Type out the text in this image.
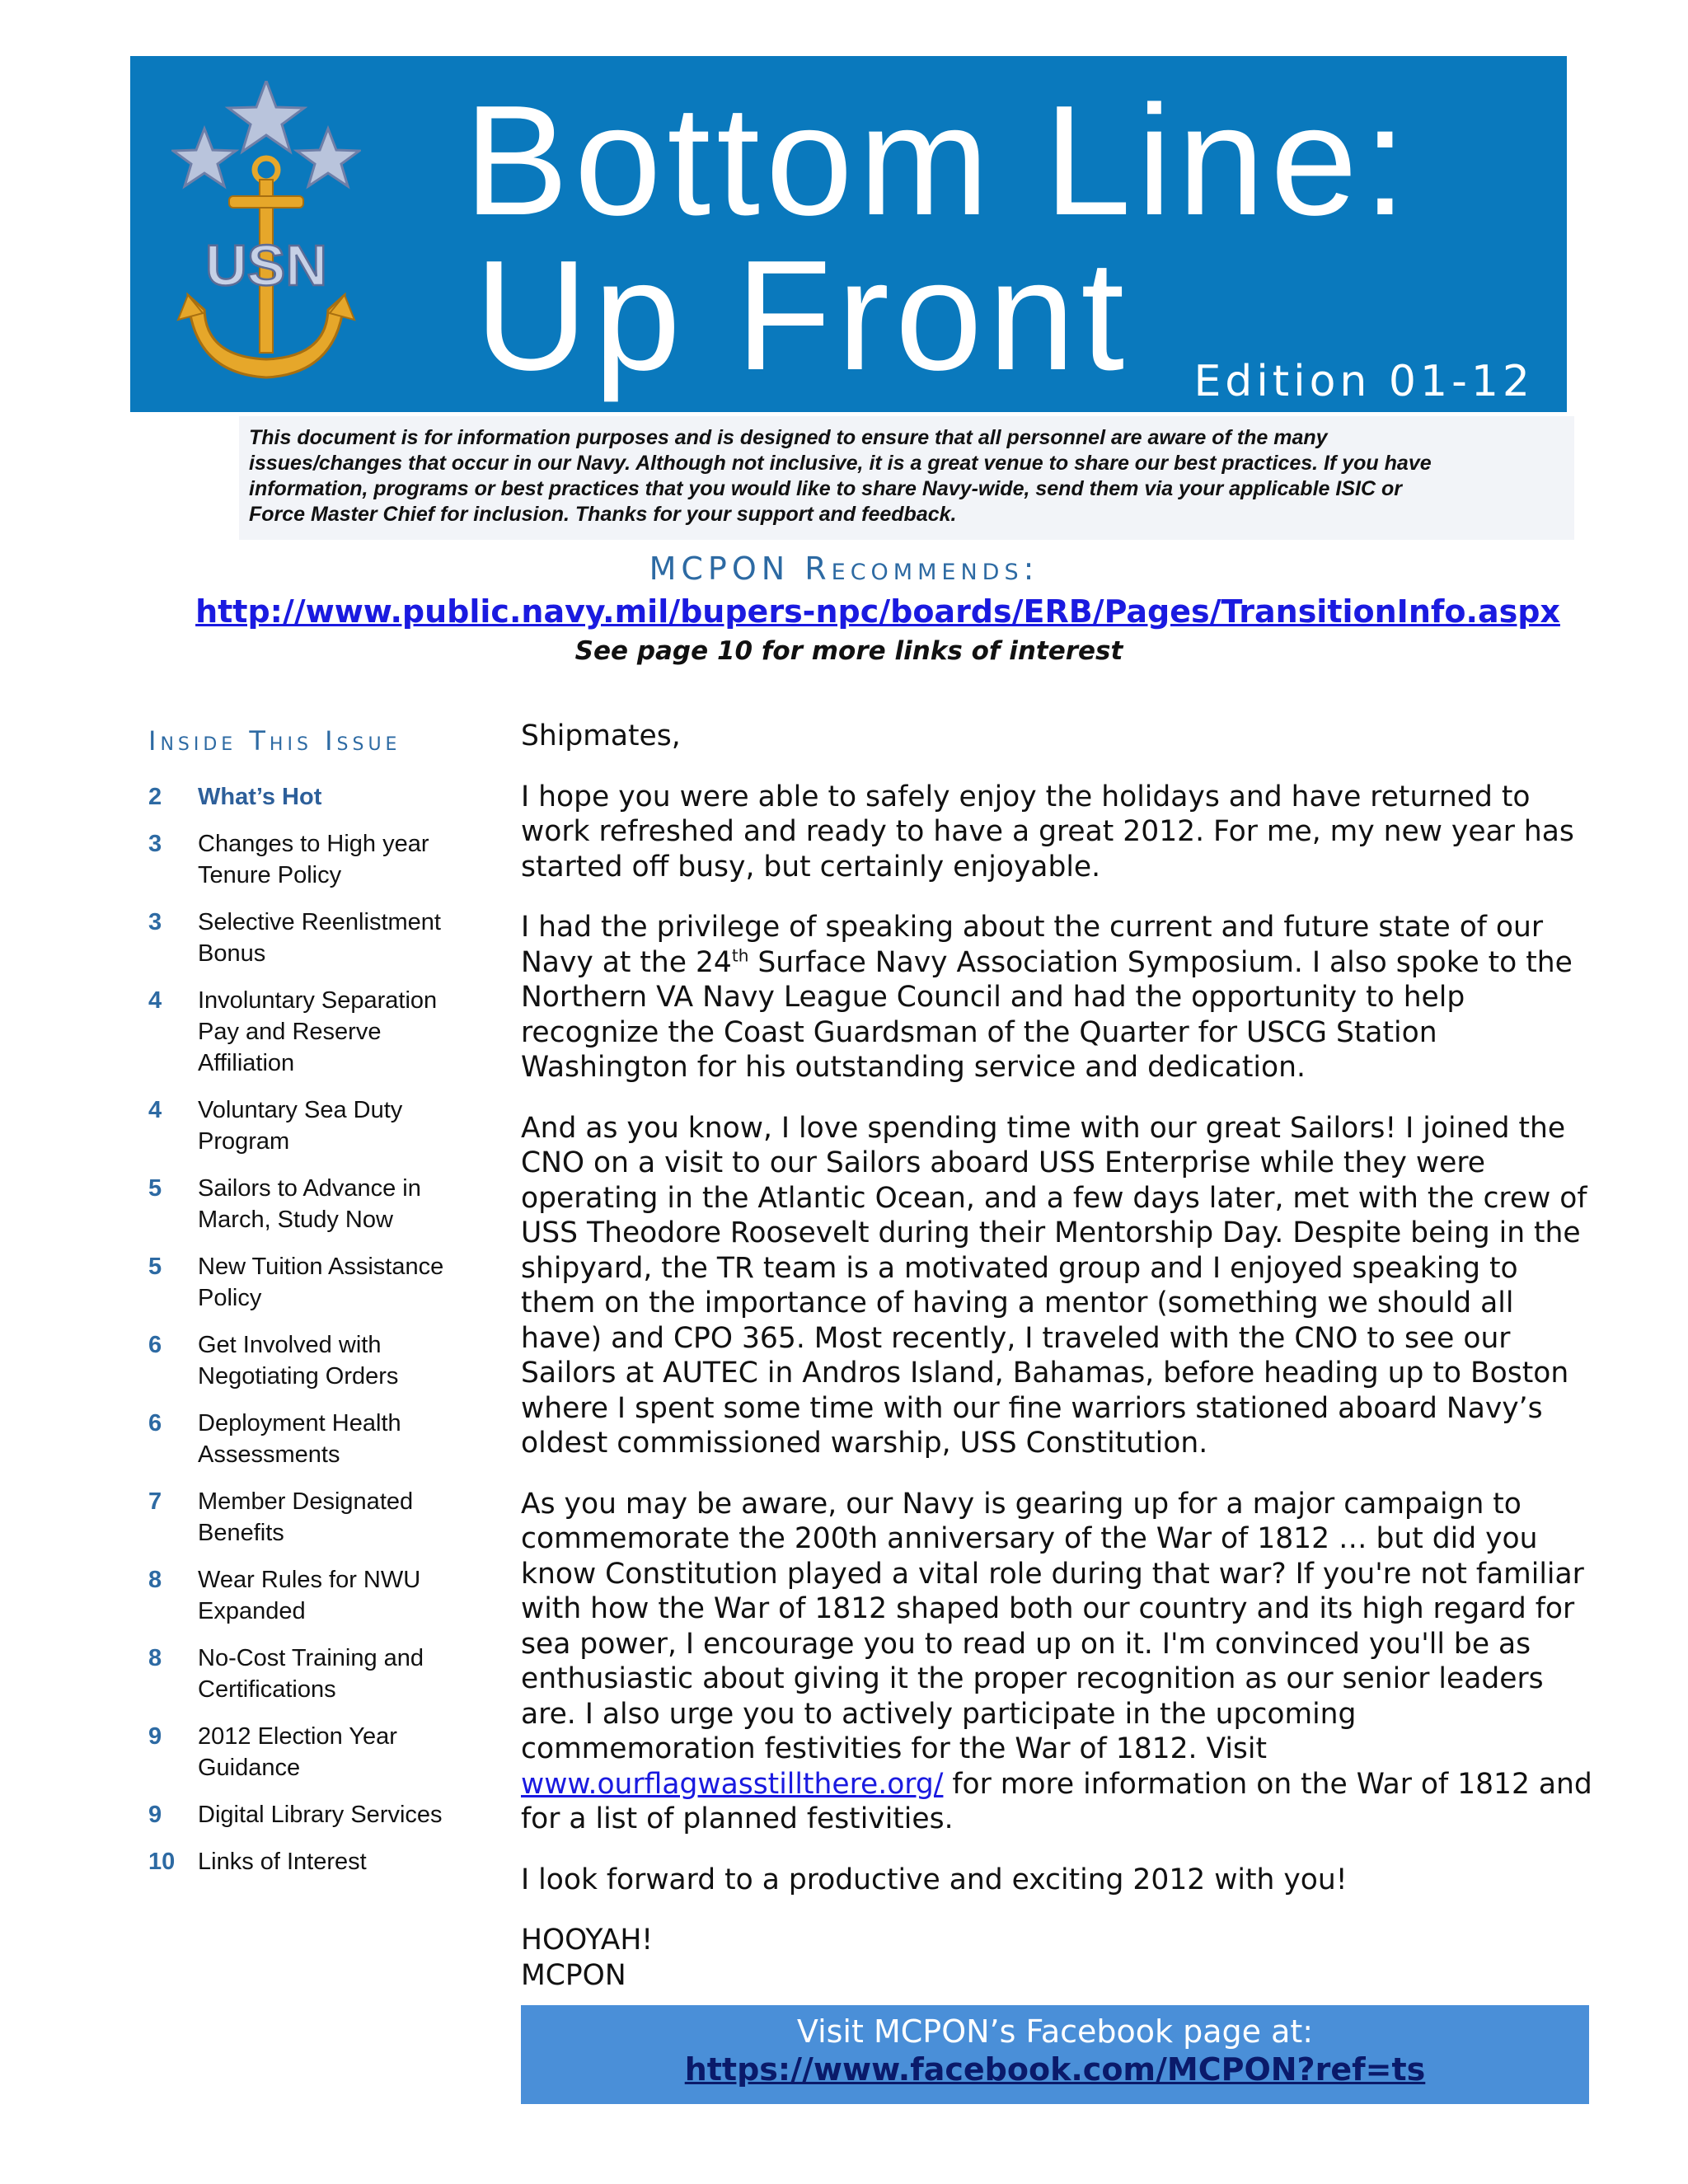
USN
Bottom Line:
Up Front Edition 01-12
This document is for information purposes and is designed to ensure that all personnel are aware of the many issues/changes that occur in our Navy. Although not inclusive, it is a great venue to share our best practices. If you have information, programs or best practices that you would like to share Navy-wide, send them via your applicable ISIC or Force Master Chief for inclusion. Thanks for your support and feedback.
MCPON Recommends:
http://www.public.navy.mil/bupers-npc/boards/ERB/Pages/TransitionInfo.aspx
See page 10 for more links of interest
Inside This Issue
2	What’s Hot
3	Changes to High year Tenure Policy
3	Selective Reenlistment Bonus
4	Involuntary Separation Pay and Reserve Affiliation
4	Voluntary Sea Duty Program
5	Sailors to Advance in March, Study Now
5	New Tuition Assistance Policy
6	Get Involved with Negotiating Orders
6	Deployment Health Assessments
7	Member Designated Benefits
8	Wear Rules for NWU Expanded
8	No-Cost Training and Certifications
9	2012 Election Year Guidance
9	Digital Library Services
10 Links of Interest

Shipmates,

I hope you were able to safely enjoy the holidays and have returned to work refreshed and ready to have a great 2012. For me, my new year has started off busy, but certainly enjoyable.

I had the privilege of speaking about the current and future state of our Navy at the 24th Surface Navy Association Symposium. I also spoke to the Northern VA Navy League Council and had the opportunity to help recognize the Coast Guardsman of the Quarter for USCG Station Washington for his outstanding service and dedication.

And as you know, I love spending time with our great Sailors! I joined the CNO on a visit to our Sailors aboard USS Enterprise while they were operating in the Atlantic Ocean, and a few days later, met with the crew of USS Theodore Roosevelt during their Mentorship Day. Despite being in the shipyard, the TR team is a motivated group and I enjoyed speaking to them on the importance of having a mentor (something we should all have) and CPO 365. Most recently, I traveled with the CNO to see our Sailors at AUTEC in Andros Island, Bahamas, before heading up to Boston where I spent some time with our fine warriors stationed aboard Navy’s oldest commissioned warship, USS Constitution.

As you may be aware, our Navy is gearing up for a major campaign to commemorate the 200th anniversary of the War of 1812 … but did you know Constitution played a vital role during that war? If you're not familiar with how the War of 1812 shaped both our country and its high regard for sea power, I encourage you to read up on it. I'm convinced you'll be as enthusiastic about giving it the proper recognition as our senior leaders are. I also urge you to actively participate in the upcoming commemoration festivities for the War of 1812. Visit www.ourflagwasstillthere.org/ for more information on the War of 1812 and for a list of planned festivities.

I look forward to a productive and exciting 2012 with you!

HOOYAH!
MCPON
Visit MCPON’s Facebook page at:
https://www.facebook.com/MCPON?ref=ts
